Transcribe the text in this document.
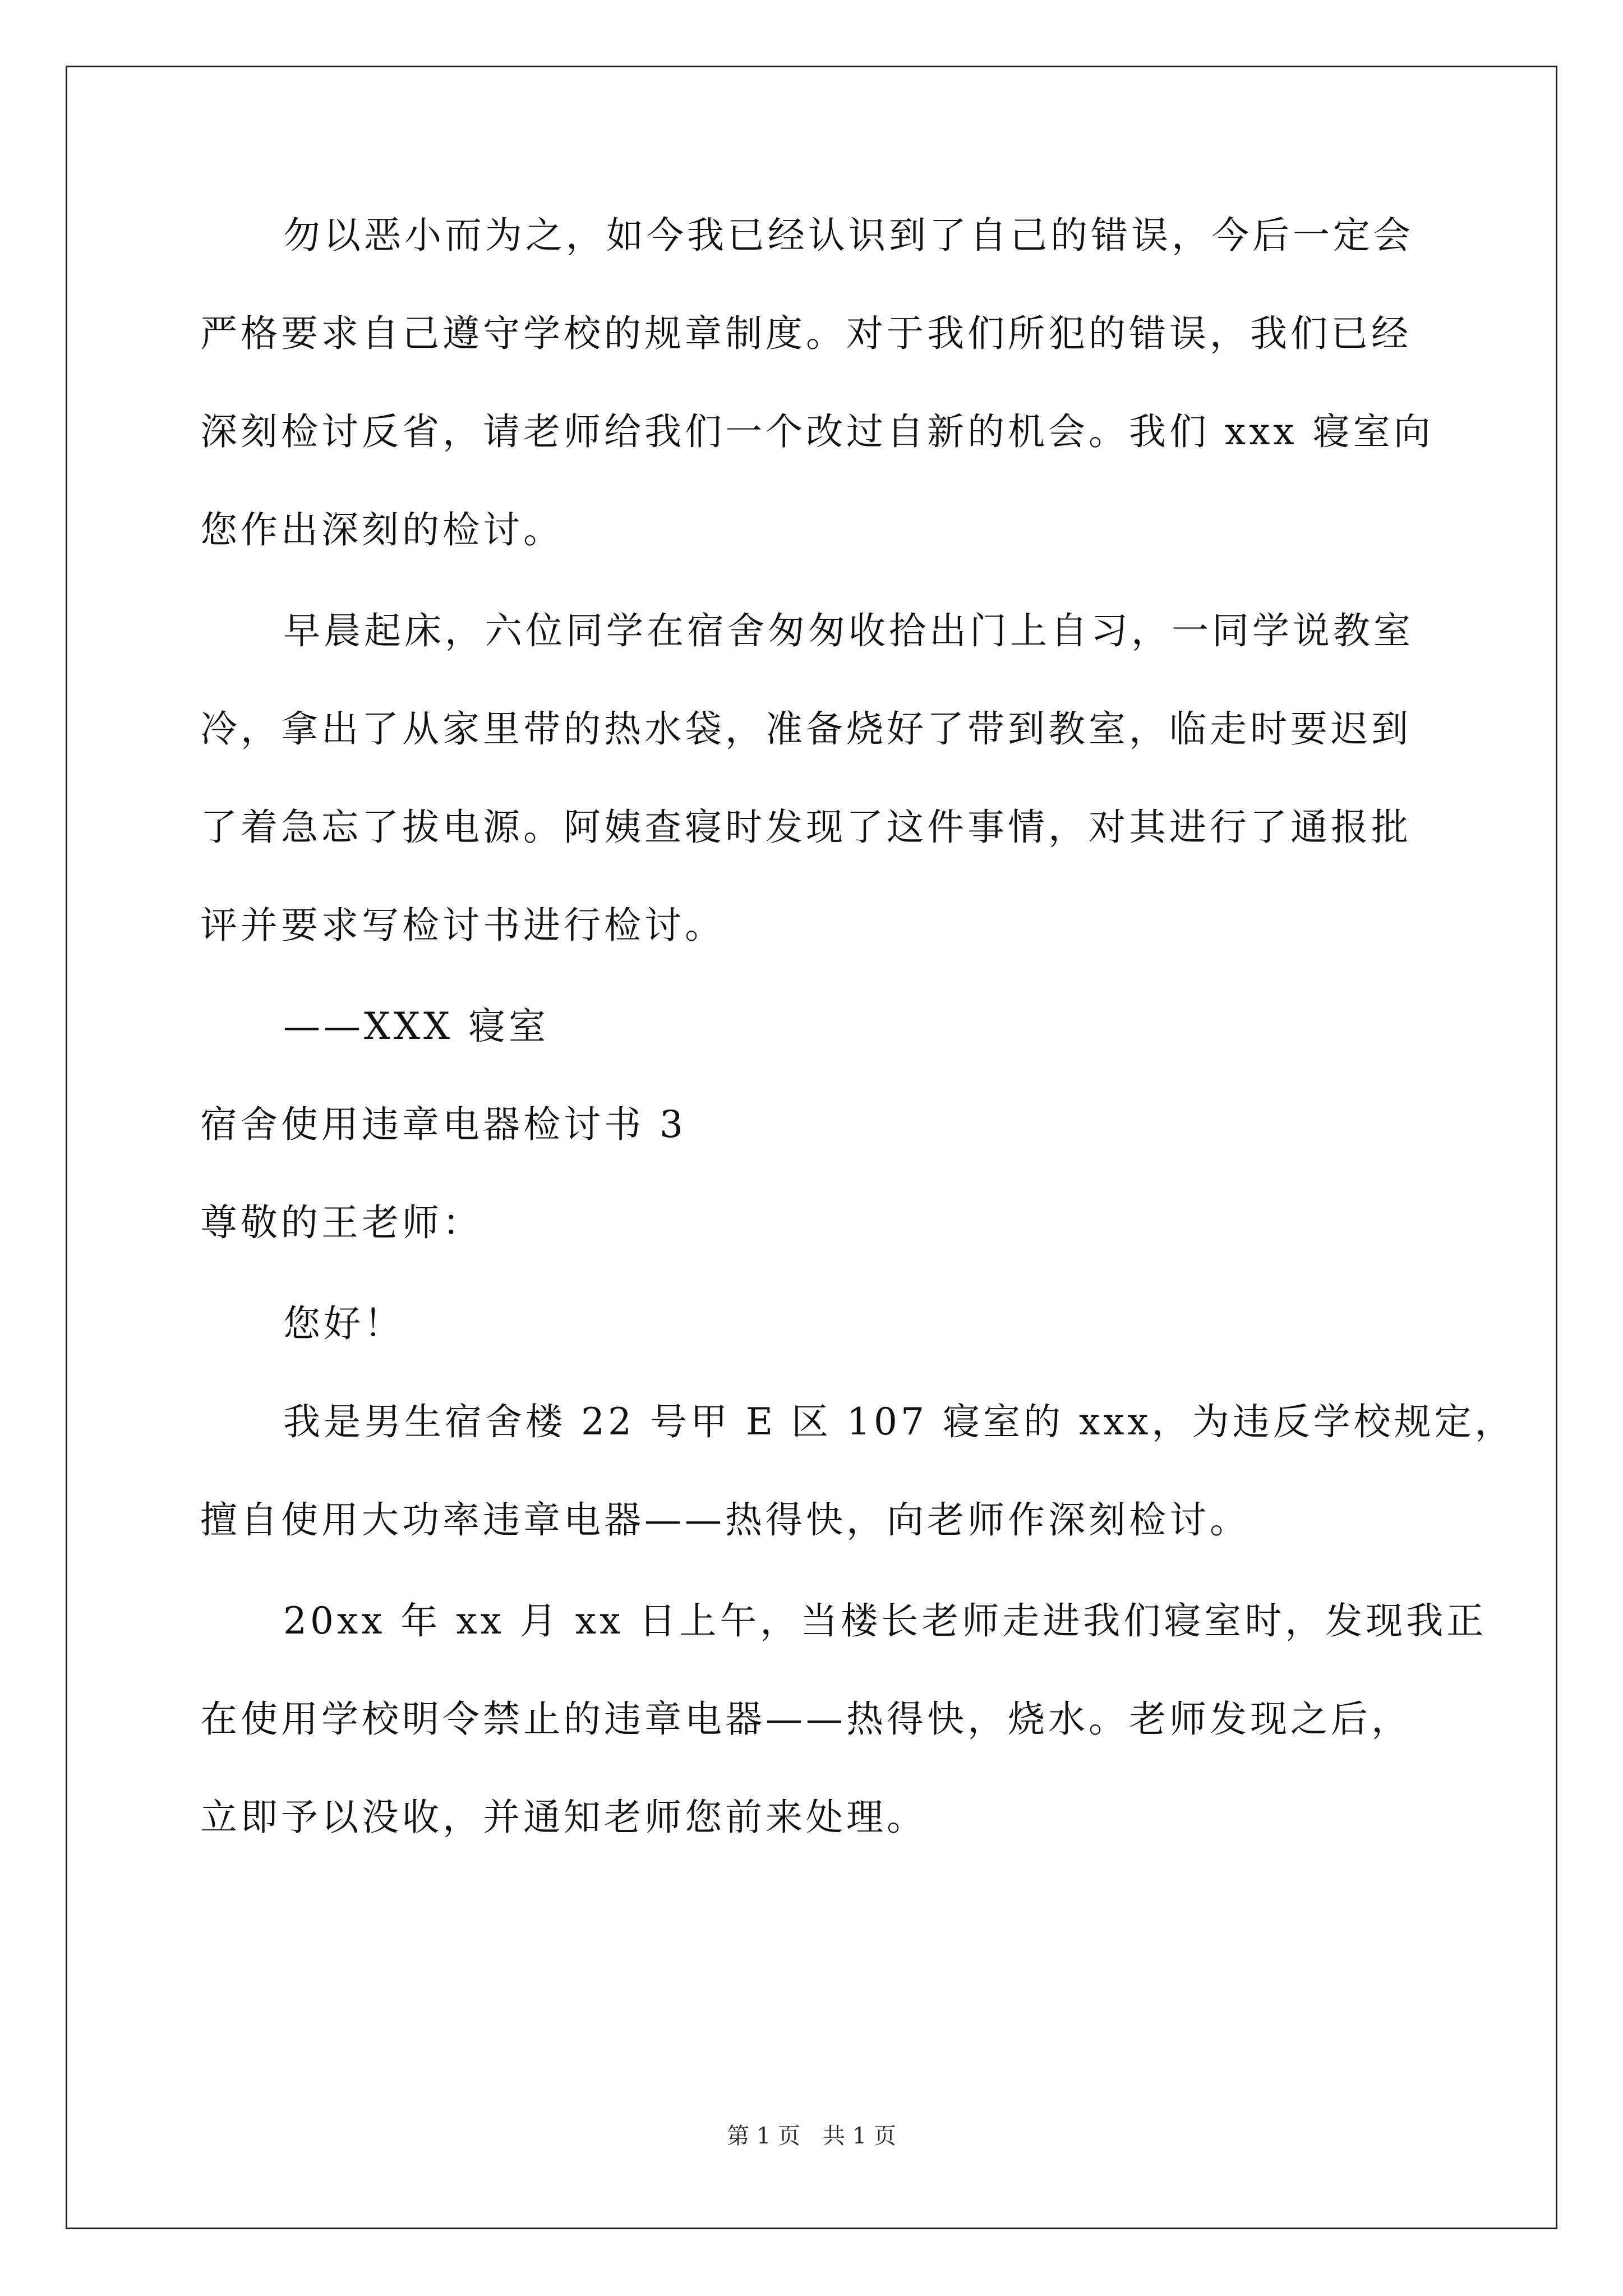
勿以恶小而为之，如今我已经认识到了自己的错误，今后一定会
严格要求自己遵守学校的规章制度。对于我们所犯的错误，我们已经
深刻检讨反省，请老师给我们一个改过自新的机会。我们 xxx 寝室向
您作出深刻的检讨。
早晨起床，六位同学在宿舍匆匆收拾出门上自习，一同学说教室
冷，拿出了从家里带的热水袋，准备烧好了带到教室，临走时要迟到
了着急忘了拔电源。阿姨查寝时发现了这件事情，对其进行了通报批
评并要求写检讨书进行检讨。
——XXX 寝室
宿舍使用违章电器检讨书 3
尊敬的王老师：
您好！
我是男生宿舍楼 22 号甲 E 区 107 寝室的 xxx，为违反学校规定，
擅自使用大功率违章电器——热得快，向老师作深刻检讨。
20xx 年 xx 月 xx 日上午，当楼长老师走进我们寝室时，发现我正
在使用学校明令禁止的违章电器——热得快，烧水。老师发现之后，
立即予以没收，并通知老师您前来处理。
第 1 页　共 1 页
